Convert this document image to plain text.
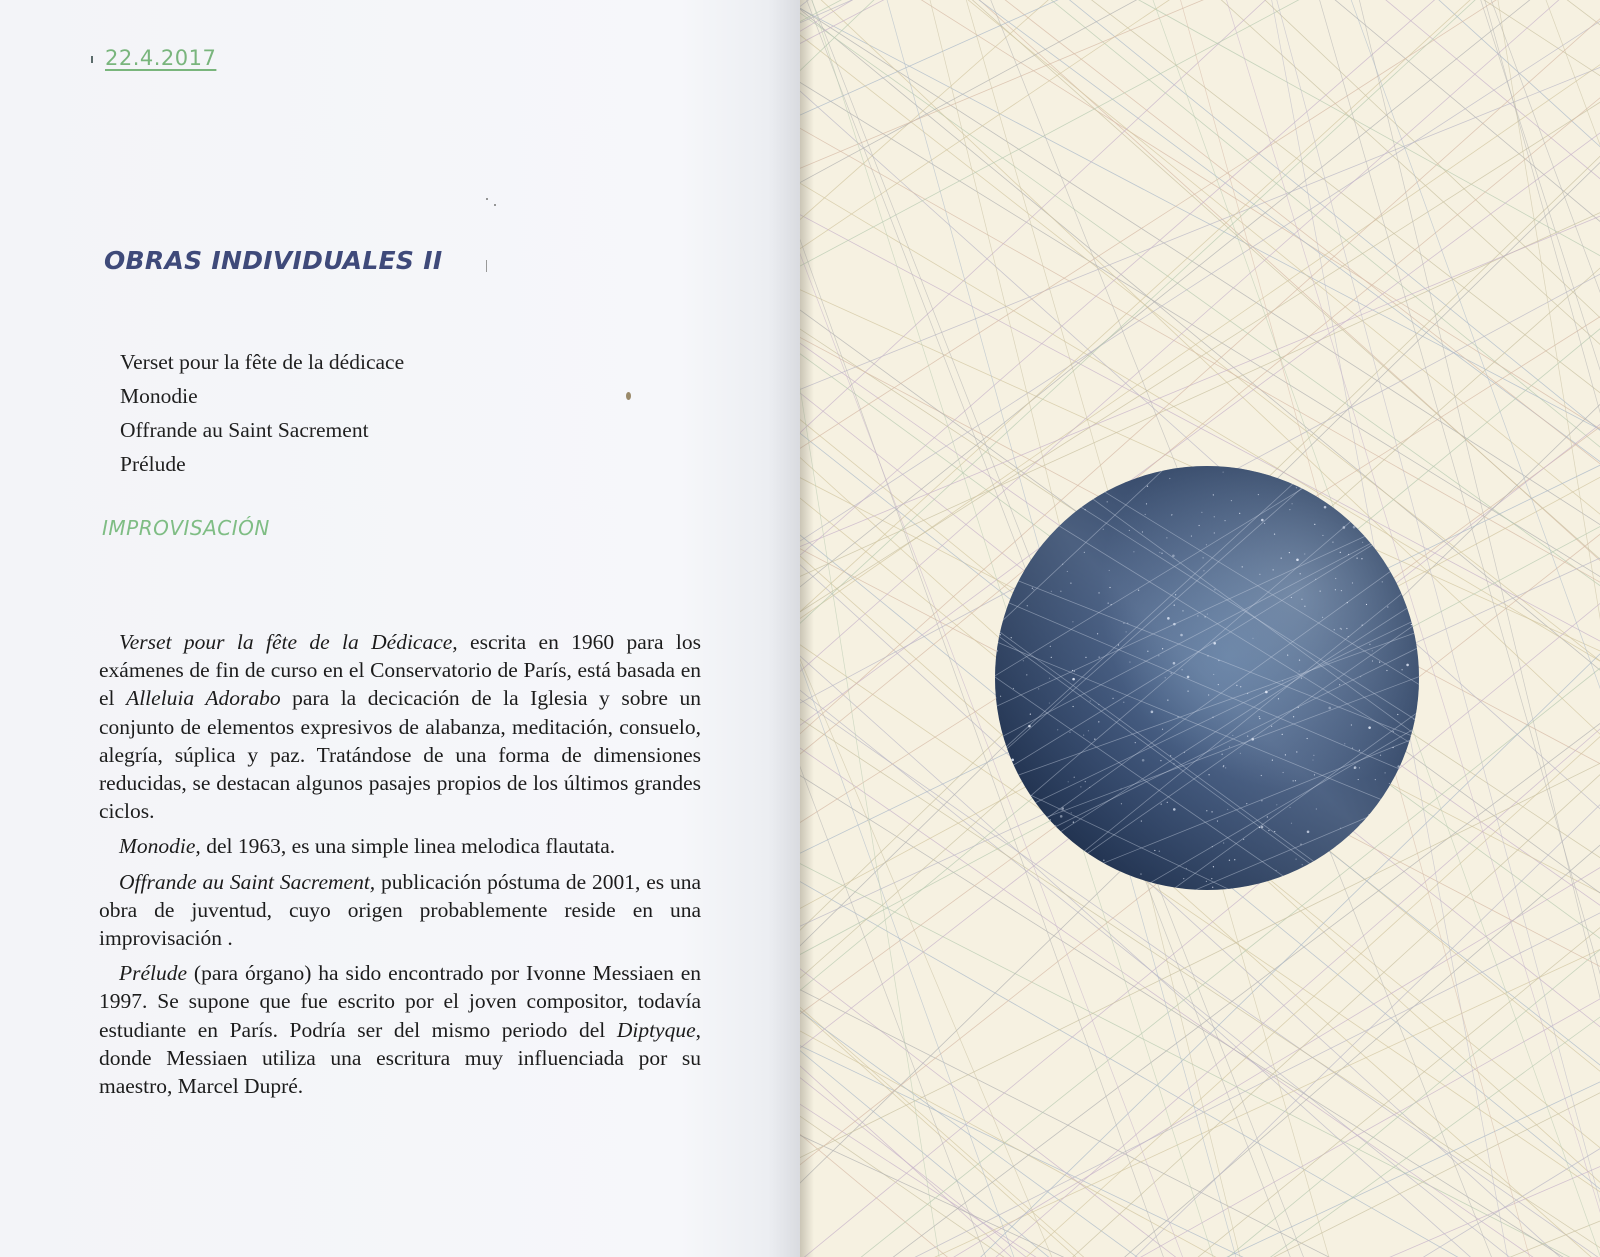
22.4.2017
OBRAS INDIVIDUALES II
Verset pour la fête de la dédicace
Monodie
Offrande au Saint Sacrement
Prélude
IMPROVISACIÓN

Verset pour la fête de la Dédicace, escrita en 1960 para los exámenes de fin de curso en el Conservatorio de París, está basada en el Alleluia Adorabo para la decicación de la Iglesia y sobre un conjunto de elementos expresivos de alabanza, meditación, consuelo, alegría, súplica y paz. Tratándose de una forma de dimensiones reducidas, se destacan algunos pasajes propios de los últimos grandes ciclos.

Monodie, del 1963, es una simple linea melodica flautata.

Offrande au Saint Sacrement, publicación póstuma de 2001, es una obra de juventud, cuyo origen probablemente reside en una improvisación .

Prélude (para órgano) ha sido encontrado por Ivonne Messiaen en 1997. Se supone que fue escrito por el joven compositor, todavía estudiante en París. Podría ser del mismo periodo del Diptyque, donde Messiaen utiliza una escritura muy influenciada por su maestro, Marcel Dupré.
